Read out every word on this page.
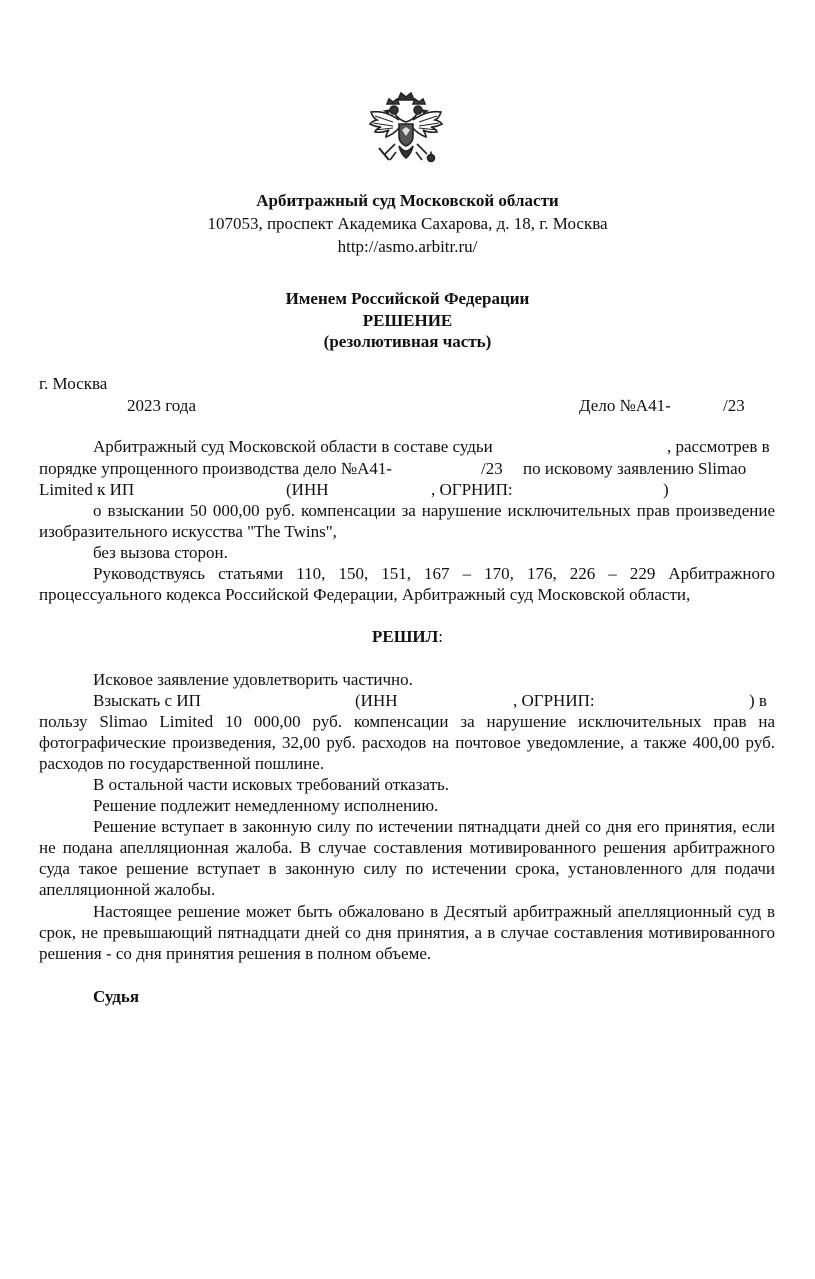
Арбитражный суд Московской области
107053, проспект Академика Сахарова, д. 18, г. Москва
http://asmo.arbitr.ru/
Именем Российской Федерации
РЕШЕНИЕ
(резолютивная часть)
г. Москва
2023 года	Дело №А41-	/23
Арбитражный суд Московской области в составе судьи	, рассмотрев в
порядке упрощенного производства дело №А41-	/23 по исковому заявлению Slimao
Limited к ИП	(ИНН	, ОГРНИП:	)
о взыскании 50 000,00 руб. компенсации за нарушение исключительных прав произведение изобразительного искусства "The Twins",
без вызова сторон.
Руководствуясь статьями 110, 150, 151, 167 – 170, 176, 226 – 229 Арбитражного процессуального кодекса Российской Федерации, Арбитражный суд Московской области,
РЕШИЛ:
Исковое заявление удовлетворить частично.
Взыскать с ИП	(ИНН	, ОГРНИП:	) в
пользу Slimao Limited 10 000,00 руб. компенсации за нарушение исключительных прав на фотографические произведения, 32,00 руб. расходов на почтовое уведомление, а также 400,00 руб. расходов по государственной пошлине.
В остальной части исковых требований отказать.
Решение подлежит немедленному исполнению.
Решение вступает в законную силу по истечении пятнадцати дней со дня его принятия, если не подана апелляционная жалоба. В случае составления мотивированного решения арбитражного суда такое решение вступает в законную силу по истечении срока, установленного для подачи апелляционной жалобы.
Настоящее решение может быть обжаловано в Десятый арбитражный апелляционный суд в срок, не превышающий пятнадцати дней со дня принятия, а в случае составления мотивированного решения - со дня принятия решения в полном объеме.
Судья
